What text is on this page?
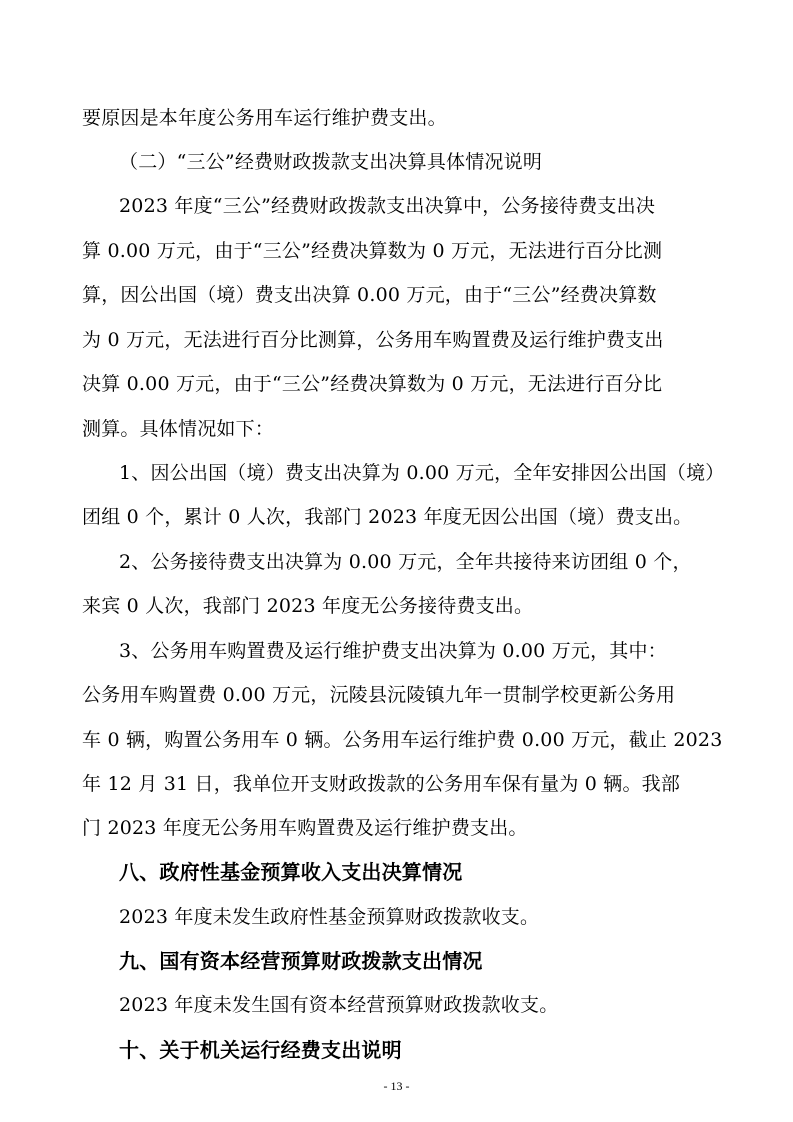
要原因是本年度公务用车运行维护费支出。
（二）“三公”经费财政拨款支出决算具体情况说明
2023 年度“三公”经费财政拨款支出决算中，公务接待费支出决
算 0.00 万元，由于“三公”经费决算数为 0 万元，无法进行百分比测
算，因公出国（境）费支出决算 0.00 万元，由于“三公”经费决算数
为 0 万元，无法进行百分比测算，公务用车购置费及运行维护费支出
决算 0.00 万元，由于“三公”经费决算数为 0 万元，无法进行百分比
测算。具体情况如下：
1、因公出国（境）费支出决算为 0.00 万元，全年安排因公出国（境）
团组 0 个，累计 0 人次，我部门 2023 年度无因公出国（境）费支出。
2、公务接待费支出决算为 0.00 万元，全年共接待来访团组 0 个，
来宾 0 人次，我部门 2023 年度无公务接待费支出。
3、公务用车购置费及运行维护费支出决算为 0.00 万元，其中：
公务用车购置费 0.00 万元，沅陵县沅陵镇九年一贯制学校更新公务用
车 0 辆，购置公务用车 0 辆。公务用车运行维护费 0.00 万元，截止 2023
年 12 月 31 日，我单位开支财政拨款的公务用车保有量为 0 辆。我部
门 2023 年度无公务用车购置费及运行维护费支出。
八、政府性基金预算收入支出决算情况
2023 年度未发生政府性基金预算财政拨款收支。
九、国有资本经营预算财政拨款支出情况
2023 年度未发生国有资本经营预算财政拨款收支。
十、关于机关运行经费支出说明
- 13 -
